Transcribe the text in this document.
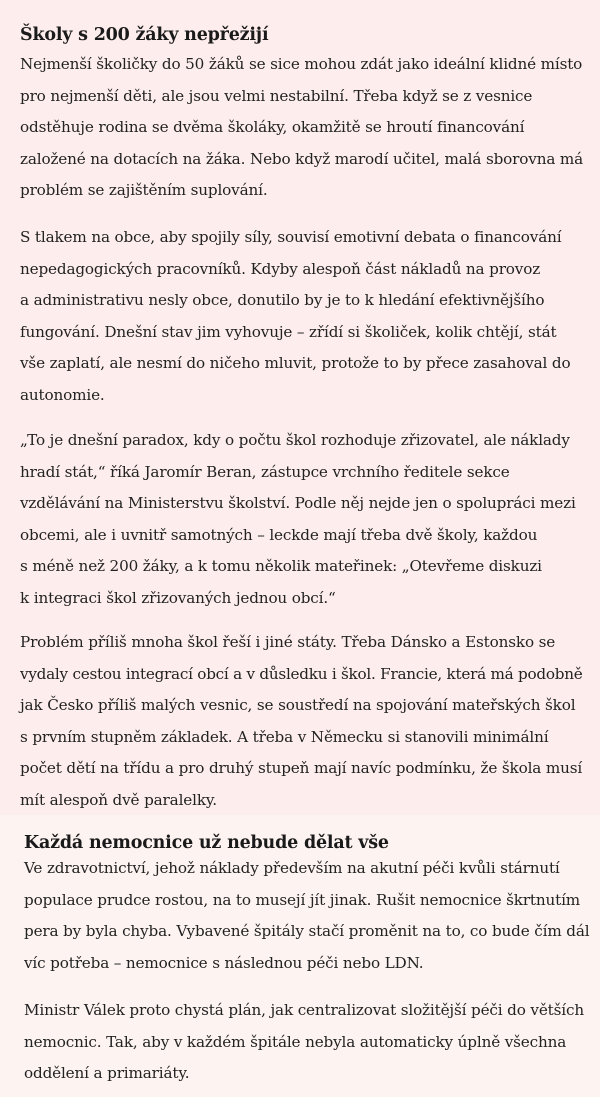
Školy s 200 žáky nepřežijí

Nejmenší školičky do 50 žáků se sice mohou zdát jako ideální klidné místo
pro nejmenší děti, ale jsou velmi nestabilní. Třeba když se z vesnice
odstěhuje rodina se dvěma školáky, okamžitě se hroutí financování
založené na dotacích na žáka. Nebo když marodí učitel, malá sborovna má
problém se zajištěním suplování.

S tlakem na obce, aby spojily síly, souvisí emotivní debata o financování
nepedagogických pracovníků. Kdyby alespoň část nákladů na provoz
a administrativu nesly obce, donutilo by je to k hledání efektivnějšího
fungování. Dnešní stav jim vyhovuje – zřídí si školiček, kolik chtějí, stát
vše zaplatí, ale nesmí do ničeho mluvit, protože to by přece zasahoval do
autonomie.

„To je dnešní paradox, kdy o počtu škol rozhoduje zřizovatel, ale náklady
hradí stát,“ říká Jaromír Beran, zástupce vrchního ředitele sekce
vzdělávání na Ministerstvu školství. Podle něj nejde jen o spolupráci mezi
obcemi, ale i uvnitř samotných – leckde mají třeba dvě školy, každou
s méně než 200 žáky, a k tomu několik mateřinek: „Otevřeme diskuzi
k integraci škol zřizovaných jednou obcí.“

Problém příliš mnoha škol řeší i jiné státy. Třeba Dánsko a Estonsko se
vydaly cestou integrací obcí a v důsledku i škol. Francie, která má podobně
jak Česko příliš malých vesnic, se soustředí na spojování mateřských škol
s prvním stupněm základek. A třeba v Německu si stanovili minimální
počet dětí na třídu a pro druhý stupeň mají navíc podmínku, že škola musí
mít alespoň dvě paralelky.

Každá nemocnice už nebude dělat vše

Ve zdravotnictví, jehož náklady především na akutní péči kvůli stárnutí
populace prudce rostou, na to musejí jít jinak. Rušit nemocnice škrtnutím
pera by byla chyba. Vybavené špitály stačí proměnit na to, co bude čím dál
víc potřeba – nemocnice s následnou péči nebo LDN.

Ministr Válek proto chystá plán, jak centralizovat složitější péči do větších
nemocnic. Tak, aby v každém špitále nebyla automaticky úplně všechna
oddělení a primariáty.
